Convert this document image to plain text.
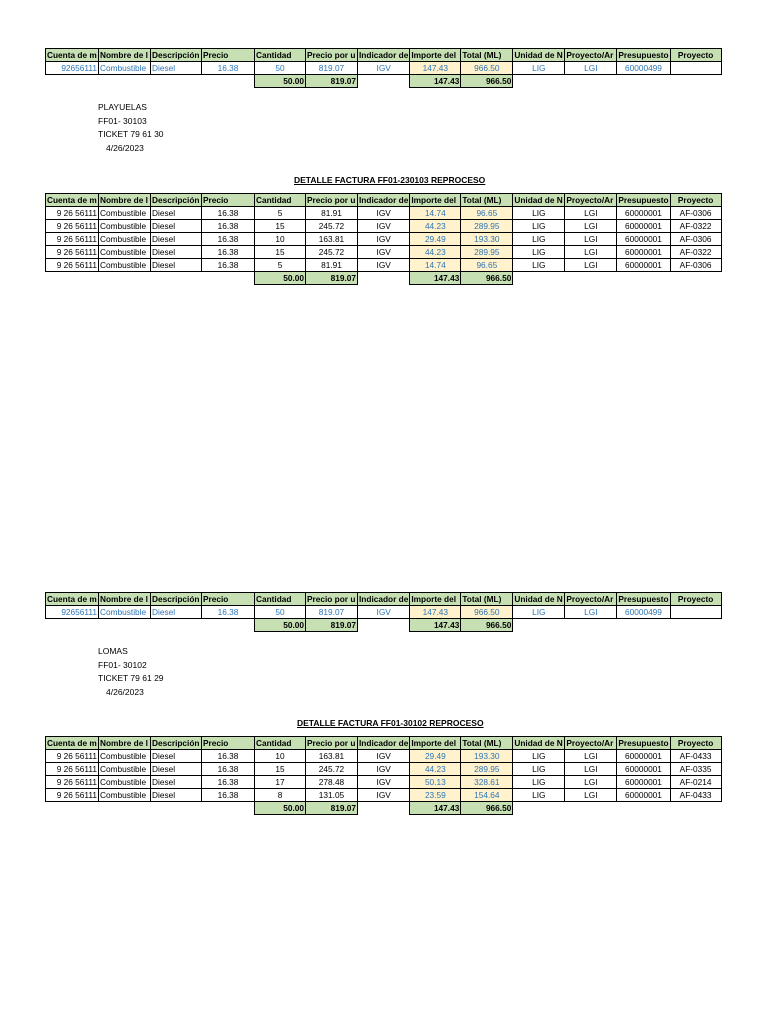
Cuenta de m	Nombre de l	Descripción	Precio	Cantidad	Precio por u	Indicador de	Importe del	Total (ML)	Unidad de N	Proyecto/Ar	Presupuesto	Proyecto
92656111	Combustible	Diesel	16.38	50	819.07	IGV	147.43	966.50	LIG	LGI	60000499	
				50.00	819.07		147.43	966.50				
PLAYUELAS
FF01- 30103
TICKET 79 61 30
4/26/2023
DETALLE FACTURA FF01-230103 REPROCESO
Cuenta de m	Nombre de l	Descripción	Precio	Cantidad	Precio por u	Indicador de	Importe del	Total (ML)	Unidad de N	Proyecto/Ar	Presupuesto	Proyecto
9 26 56111	Combustible	Diesel	16.38	5	81.91	IGV	14.74	96.65	LIG	LGI	60000001	AF-0306
9 26 56111	Combustible	Diesel	16.38	15	245.72	IGV	44.23	289.95	LIG	LGI	60000001	AF-0322
9 26 56111	Combustible	Diesel	16.38	10	163.81	IGV	29.49	193.30	LIG	LGI	60000001	AF-0306
9 26 56111	Combustible	Diesel	16.38	15	245.72	IGV	44.23	289.95	LIG	LGI	60000001	AF-0322
9 26 56111	Combustible	Diesel	16.38	5	81.91	IGV	14.74	96.65	LIG	LGI	60000001	AF-0306
				50.00	819.07		147.43	966.50				
Cuenta de m	Nombre de l	Descripción	Precio	Cantidad	Precio por u	Indicador de	Importe del	Total (ML)	Unidad de N	Proyecto/Ar	Presupuesto	Proyecto
92656111	Combustible	Diesel	16.38	50	819.07	IGV	147.43	966.50	LIG	LGI	60000499	
				50.00	819.07		147.43	966.50				
LOMAS
FF01- 30102
TICKET 79 61 29
4/26/2023
DETALLE FACTURA FF01-30102 REPROCESO
Cuenta de m	Nombre de l	Descripción	Precio	Cantidad	Precio por u	Indicador de	Importe del	Total (ML)	Unidad de N	Proyecto/Ar	Presupuesto	Proyecto
9 26 56111	Combustible	Diesel	16.38	10	163.81	IGV	29.49	193.30	LIG	LGI	60000001	AF-0433
9 26 56111	Combustible	Diesel	16.38	15	245.72	IGV	44.23	289.95	LIG	LGI	60000001	AF-0335
9 26 56111	Combustible	Diesel	16.38	17	278.48	IGV	50.13	328.61	LIG	LGI	60000001	AF-0214
9 26 56111	Combustible	Diesel	16.38	8	131.05	IGV	23.59	154.64	LIG	LGI	60000001	AF-0433
				50.00	819.07		147.43	966.50				
